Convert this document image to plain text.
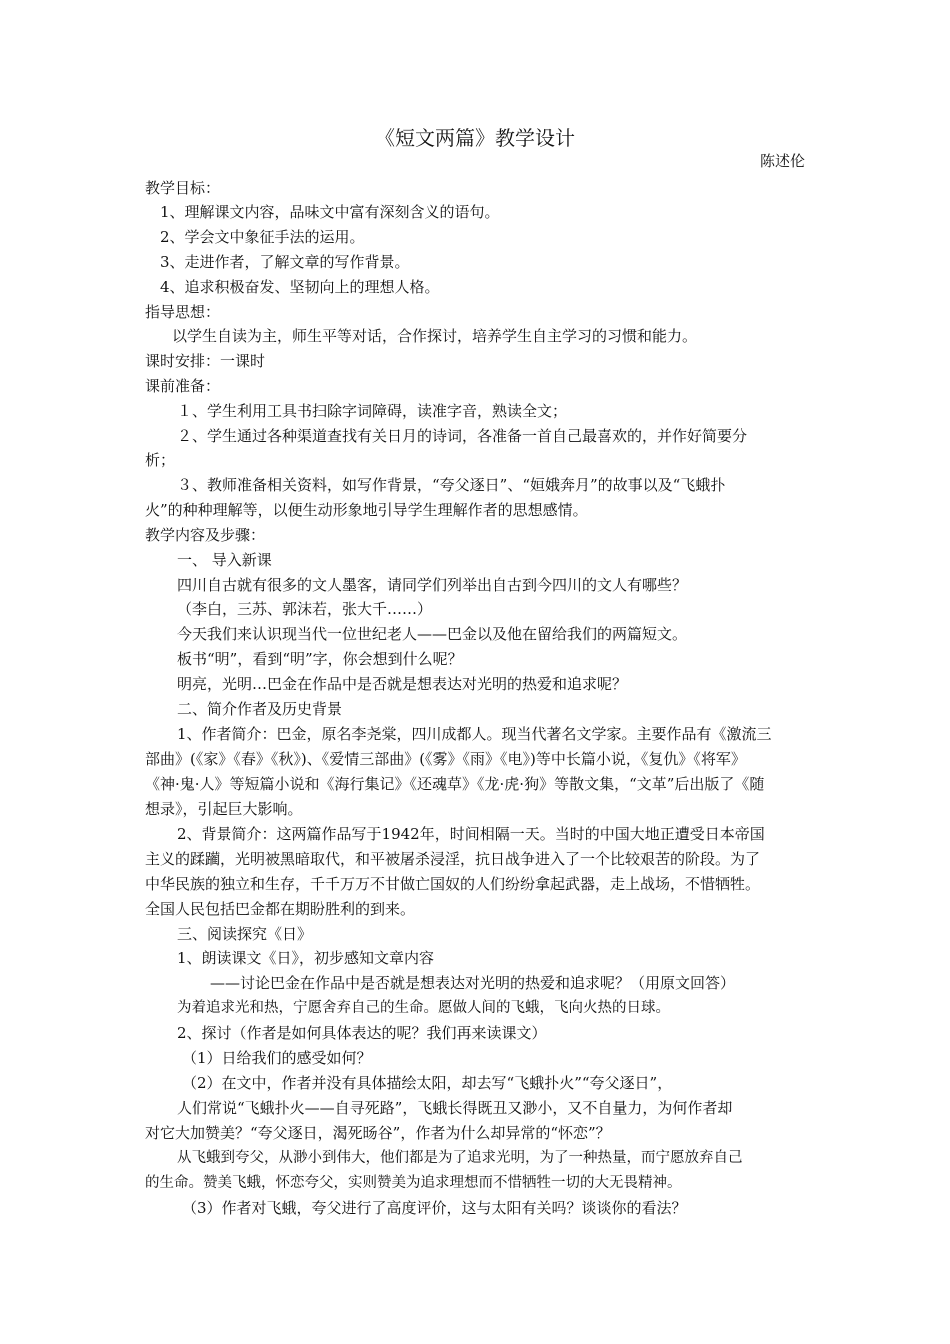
《短文两篇》教学设计
陈述伦
教学目标：
1、理解课文内容，品味文中富有深刻含义的语句。
2、学会文中象征手法的运用。
3、走进作者，了解文章的写作背景。
4、追求积极奋发、坚韧向上的理想人格。
指导思想：
以学生自读为主，师生平等对话，合作探讨，培养学生自主学习的习惯和能力。
课时安排：一课时
课前准备：
１、学生利用工具书扫除字词障碍，读准字音，熟读全文；
２、学生通过各种渠道查找有关日月的诗词，各准备一首自己最喜欢的，并作好简要分
析；
３、教师准备相关资料，如写作背景，“夸父逐日”、“姮娥奔月”的故事以及“飞蛾扑
火”的种种理解等，以便生动形象地引导学生理解作者的思想感情。
教学内容及步骤：
一、 导入新课
四川自古就有很多的文人墨客，请同学们列举出自古到今四川的文人有哪些？
（李白，三苏、郭沫若，张大千……）
今天我们来认识现当代一位世纪老人——巴金以及他在留给我们的两篇短文。
板书“明”，看到“明”字，你会想到什么呢？
明亮，光明…巴金在作品中是否就是想表达对光明的热爱和追求呢？
二、简介作者及历史背景
1、作者简介：巴金，原名李尧棠，四川成都人。现当代著名文学家。主要作品有《激流三
部曲》(《家》《春》《秋》)、《爱情三部曲》(《雾》《雨》《电》)等中长篇小说，《复仇》《将军》
《神·鬼·人》等短篇小说和《海行集记》《还魂草》《龙·虎·狗》等散文集，“文革”后出版了《随
想录》，引起巨大影响。
2、背景简介：这两篇作品写于1942年，时间相隔一天。当时的中国大地正遭受日本帝国
主义的蹂躏，光明被黑暗取代，和平被屠杀浸淫，抗日战争进入了一个比较艰苦的阶段。为了
中华民族的独立和生存，千千万万不甘做亡国奴的人们纷纷拿起武器，走上战场，不惜牺牲。
全国人民包括巴金都在期盼胜利的到来。
三、阅读探究《日》
1、朗读课文《日》，初步感知文章内容
——讨论巴金在作品中是否就是想表达对光明的热爱和追求呢？（用原文回答）
为着追求光和热，宁愿舍弃自己的生命。愿做人间的飞蛾，飞向火热的日球。
2、探讨（作者是如何具体表达的呢？我们再来读课文）
（1）日给我们的感受如何？
（2）在文中，作者并没有具体描绘太阳，却去写“飞蛾扑火”“夸父逐日”，
人们常说“飞蛾扑火——自寻死路”，飞蛾长得既丑又渺小，又不自量力，为何作者却
对它大加赞美？“夸父逐日，渴死旸谷”，作者为什么却异常的“怀恋”？
从飞蛾到夸父，从渺小到伟大，他们都是为了追求光明，为了一种热量，而宁愿放弃自己
的生命。赞美飞蛾，怀恋夸父，实则赞美为追求理想而不惜牺牲一切的大无畏精神。
（3）作者对飞蛾，夸父进行了高度评价，这与太阳有关吗？谈谈你的看法？
